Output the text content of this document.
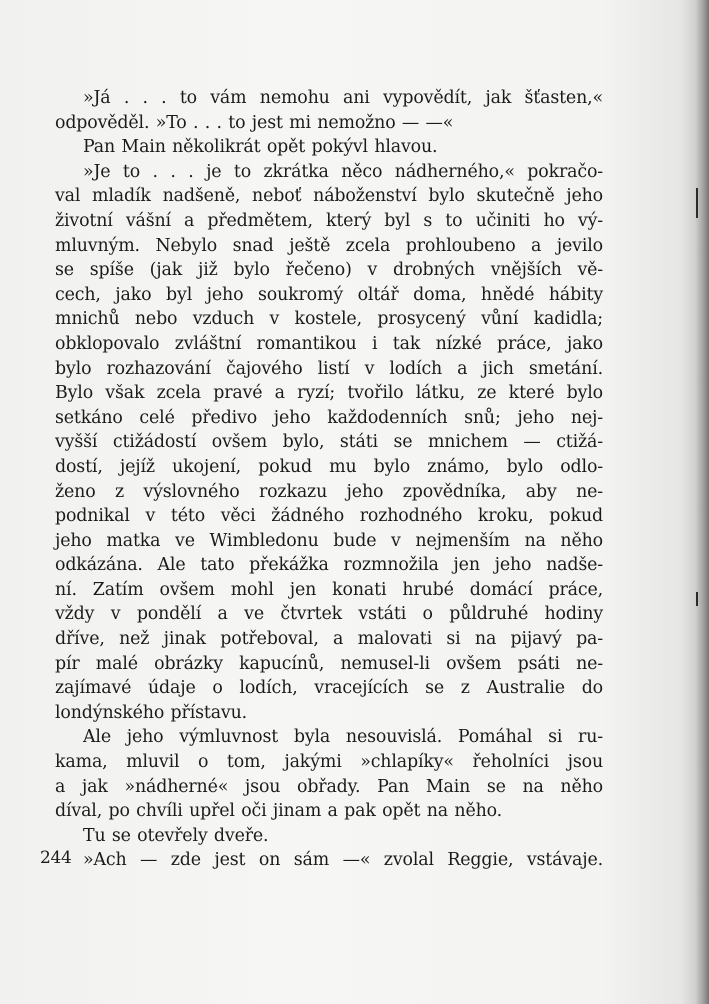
»Já . . . to vám nemohu ani vypovědít, jak šťasten,«
odpověděl. »To . . . to jest mi nemožno — —«
Pan Main několikrát opět pokývl hlavou.
»Je to . . . je to zkrátka něco nádherného,« pokračo-
val mladík nadšeně, neboť náboženství bylo skutečně jeho
životní vášní a předmětem, který byl s to učiniti ho vý-
mluvným. Nebylo snad ještě zcela prohloubeno a jevilo
se spíše (jak již bylo řečeno) v drobných vnějších vě-
cech, jako byl jeho soukromý oltář doma, hnědé hábity
mnichů nebo vzduch v kostele, prosycený vůní kadidla;
obklopovalo zvláštní romantikou i tak nízké práce, jako
bylo rozhazování čajového listí v lodích a jich smetání.
Bylo však zcela pravé a ryzí; tvořilo látku, ze které bylo
setkáno celé předivo jeho každodenních snů; jeho nej-
vyšší ctižádostí ovšem bylo, státi se mnichem — ctižá-
dostí, jejíž ukojení, pokud mu bylo známo, bylo odlo-
ženo z výslovného rozkazu jeho zpovědníka, aby ne-
podnikal v této věci žádného rozhodného kroku, pokud
jeho matka ve Wimbledonu bude v nejmenším na něho
odkázána. Ale tato překážka rozmnožila jen jeho nadše-
ní. Zatím ovšem mohl jen konati hrubé domácí práce,
vždy v pondělí a ve čtvrtek vstáti o půldruhé hodiny
dříve, než jinak potřeboval, a malovati si na pijavý pa-
pír malé obrázky kapucínů, nemusel-li ovšem psáti ne-
zajímavé údaje o lodích, vracejících se z Australie do
londýnského přístavu.
Ale jeho výmluvnost byla nesouvislá. Pomáhal si ru-
kama, mluvil o tom, jakými »chlapíky« řeholníci jsou
a jak »nádherné« jsou obřady. Pan Main se na něho
díval, po chvíli upřel oči jinam a pak opět na něho.
Tu se otevřely dveře.
»Ach — zde jest on sám —« zvolal Reggie, vstávaje.
244
